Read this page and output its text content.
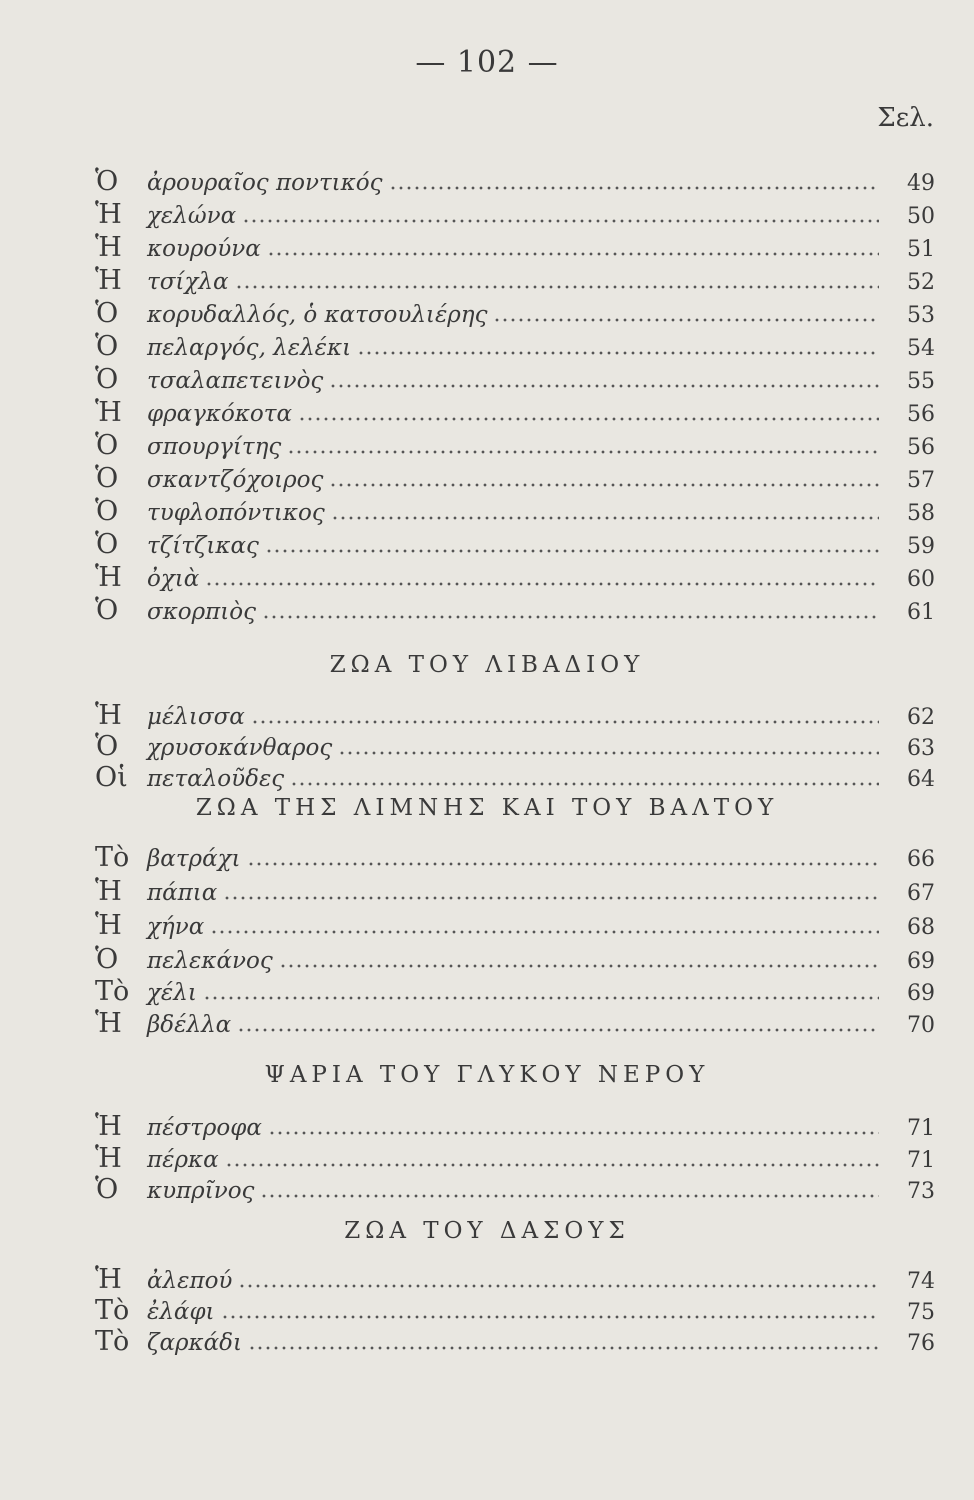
— 102 —
Σελ.
Ὁ	ἀρουραῖος ποντικός	49
Ἡ	χελώνα	50
Ἡ	κουρούνα	51
Ἡ	τσίχλα	52
Ὁ	κορυδαλλός, ὁ κατσουλιέρης	53
Ὁ	πελαργός, λελέκι	54
Ὁ	τσαλαπετεινὸς	55
Ἡ	φραγκόκοτα	56
Ὁ	σπουργίτης	56
Ὁ	σκαντζόχοιρος	57
Ὁ	τυφλοπόντικος	58
Ὁ	τζίτζικας	59
Ἡ	ὀχιὰ	60
Ὁ	σκορπιὸς	61
ΖΩΑ ΤΟΥ ΛΙΒΑΔΙΟΥ
Ἡ	μέλισσα	62
Ὁ	χρυσοκάνθαρος	63
Οἱ πεταλοῦδες	64
ΖΩΑ ΤΗΣ ΛΙΜΝΗΣ ΚΑΙ ΤΟΥ ΒΑΛΤΟΥ
Τὸ βατράχι	66
Ἡ	πάπια	67
Ἡ	χήνα	68
Ὁ	πελεκάνος	69
Τὸ χέλι	69
Ἡ	βδέλλα	70
ΨΑΡΙΑ ΤΟΥ ΓΛΥΚΟΥ ΝΕΡΟΥ
Ἡ	πέστροφα	71
Ἡ	πέρκα	71
Ὁ	κυπρῖνος	73
ΖΩΑ ΤΟΥ ΔΑΣΟΥΣ
Ἡ	ἀλεπού	74
Τὸ ἐλάφι	75
Τὸ ζαρκάδι	76
